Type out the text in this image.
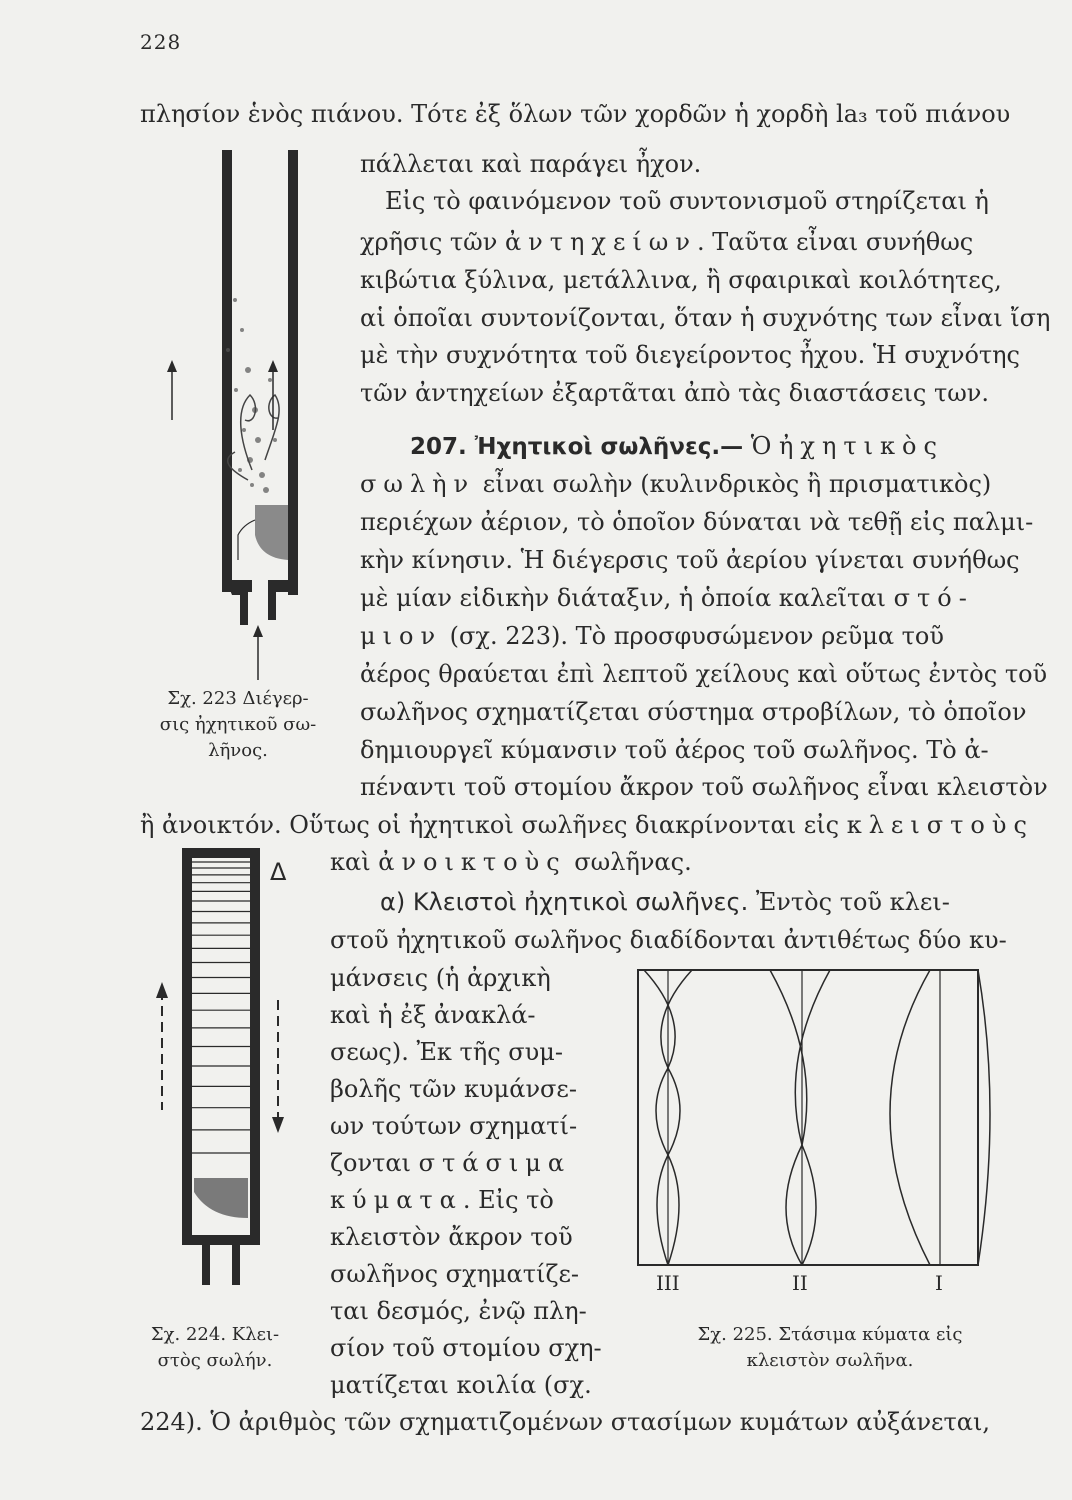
228
πλησίον ἑνὸς πιάνου. Τότε ἐξ ὅλων τῶν χορδῶν ἡ χορδὴ la₃ τοῦ πιάνου
πάλλεται καὶ παράγει ἦχον.
Εἰς τὸ φαινόμενον τοῦ συντονισμοῦ στηρίζεται ἡ
χρῆσις τῶν ἀντηχείων. Ταῦτα εἶναι συνήθως
κιβώτια ξύλινα, μετάλλινα, ἢ σφαιρικαὶ κοιλότητες,
αἱ ὁποῖαι συντονίζονται, ὅταν ἡ συχνότης των εἶναι ἴση
μὲ τὴν συχνότητα τοῦ διεγείροντος ἦχου. Ἡ συχνότης
τῶν ἀντηχείων ἐξαρτᾶται ἀπὸ τὰς διαστάσεις των.
207. Ἠχητικοὶ σωλῆνες.— Ὁ ἠχητικὸς
σωλὴν εἶναι σωλὴν (κυλινδρικὸς ἢ πρισματικὸς)
περιέχων ἀέριον, τὸ ὁποῖον δύναται νὰ τεθῇ εἰς παλμι-
κὴν κίνησιν. Ἡ διέγερσις τοῦ ἀερίου γίνεται συνήθως
μὲ μίαν εἰδικὴν διάταξιν, ἡ ὁποία καλεῖται στό-
μιον (σχ. 223). Τὸ προσφυσώμενον ρεῦμα τοῦ
ἀέρος θραύεται ἐπὶ λεπτοῦ χείλους καὶ οὕτως ἐντὸς τοῦ
σωλῆνος σχηματίζεται σύστημα στροβίλων, τὸ ὁποῖον
δημιουργεῖ κύμανσιν τοῦ ἀέρος τοῦ σωλῆνος. Τὸ ἀ-
πέναντι τοῦ στομίου ἄκρον τοῦ σωλῆνος εἶναι κλειστὸν
ἢ ἀνοικτόν. Οὕτως οἱ ἠχητικοὶ σωλῆνες διακρίνονται εἰς κλειστοὺς
καὶ ἀνοικτοὺς σωλῆνας.
α) Κλειστοὶ ἠχητικοὶ σωλῆνες. Ἐντὸς τοῦ κλει-
στοῦ ἠχητικοῦ σωλῆνος διαδίδονται ἀντιθέτως δύο κυ-
μάνσεις (ἡ ἀρχικὴ
καὶ ἡ ἐξ ἀνακλά-
σεως). Ἐκ τῆς συμ-
βολῆς τῶν κυμάνσε-
ων τούτων σχηματί-
ζονται στάσιμα
κύματα. Εἰς τὸ
κλειστὸν ἄκρον τοῦ
σωλῆνος σχηματίζε-
ται δεσμός, ἐνῷ πλη-
σίον τοῦ στομίου σχη-
ματίζεται κοιλία (σχ.
224). Ὁ ἀριθμὸς τῶν σχηματιζομένων στασίμων κυμάτων αὐξάνεται,
Σχ. 223 Διέγερ-
σις ἠχητικοῦ σω-
λῆνος.
Δ
Σχ. 224. Κλει-
στὸς σωλήν.
III	II	I
Σχ. 225. Στάσιμα κύματα εἰς
κλειστὸν σωλῆνα.
